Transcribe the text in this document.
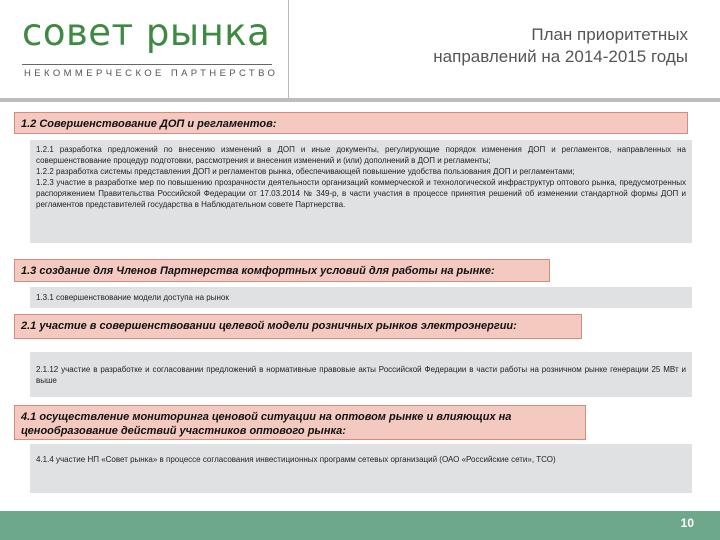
совет рынка
НЕКОММЕРЧЕСКОЕ ПАРТНЕРСТВО
План приоритетных
направлений на 2014-2015 годы
1.2 Совершенствование ДОП и регламентов:

1.2.1 разработка предложений по внесению изменений в ДОП и иные документы, регулирующие порядок изменения ДОП и регламентов, направленных на совершенствование процедур подготовки, рассмотрения и внесения изменений и (или) дополнений в ДОП и регламенты;

1.2.2 разработка системы представления ДОП и регламентов рынка, обеспечивающей повышение удобства пользования ДОП и регламентами;

1.2.3 участие в разработке мер по повышению прозрачности деятельности организаций коммерческой и технологической инфраструктур оптового рынка, предусмотренных распоряжением Правительства Российской Федерации от 17.03.2014 № 349-р, в части участия в процессе принятия решений об изменении стандартной формы ДОП и регламентов представителей государства в Наблюдательном совете Партнерства.

1.3 создание для Членов Партнерства комфортных условий для работы на рынке:

1.3.1 совершенствование модели доступа на рынок

2.1 участие в совершенствовании целевой модели розничных рынков электроэнергии:

2.1.12 участие в разработке и согласовании предложений в нормативные правовые акты Российской Федерации в части работы на розничном рынке генерации 25 МВт и выше

4.1 осуществление мониторинга ценовой ситуации на оптовом рынке и влияющих на ценообразование действий участников оптового рынка:

4.1.4 участие НП «Совет рынка» в процессе согласования инвестиционных программ сетевых организаций (ОАО «Российские сети», ТСО)

10
